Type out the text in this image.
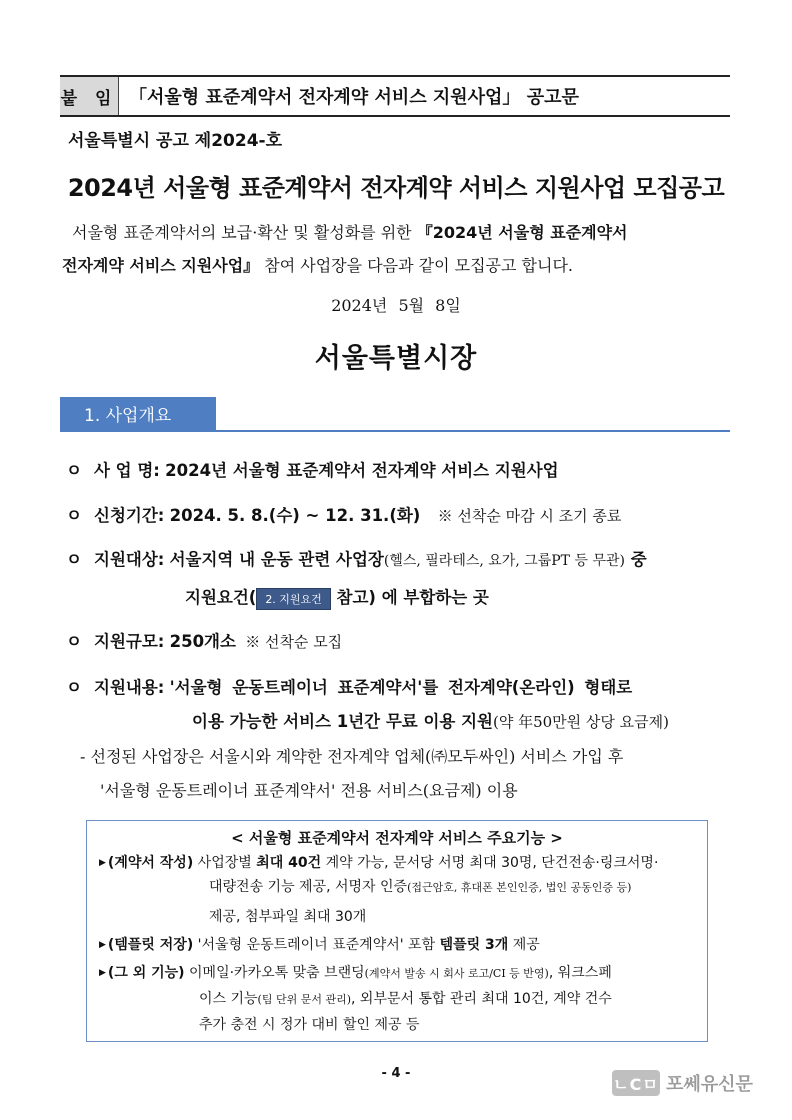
붙 임 「서울형 표준계약서 전자계약 서비스 지원사업」 공고문
서울특별시 공고 제2024-호
2024년 서울형 표준계약서 전자계약 서비스 지원사업 모집공고
서울형 표준계약서의 보급·확산 및 활성화를 위한 『2024년 서울형 표준계약서
전자계약 서비스 지원사업』 참여 사업장을 다음과 같이 모집공고 합니다.
2024년 5월 8일
서울특별시장
1. 사업개요
ㅇ 사 업 명: 2024년 서울형 표준계약서 전자계약 서비스 지원사업
ㅇ 신청기간: 2024. 5. 8.(수) ~ 12. 31.(화) ※ 선착순 마감 시 조기 종료
ㅇ 지원대상: 서울지역 내 운동 관련 사업장(헬스, 필라테스, 요가, 그룹PT 등 무관) 중
지원요건( 2. 지원요건 참고) 에 부합하는 곳
ㅇ 지원규모: 250개소 ※ 선착순 모집
ㅇ 지원내용: '서울형 운동트레이너 표준계약서'를 전자계약(온라인) 형태로
이용 가능한 서비스 1년간 무료 이용 지원(약 年50만원 상당 요금제)
- 선정된 사업장은 서울시와 계약한 전자계약 업체(㈜모두싸인) 서비스 가입 후
'서울형 운동트레이너 표준계약서' 전용 서비스(요금제) 이용
< 서울형 표준계약서 전자계약 서비스 주요기능 >
▶ (계약서 작성) 사업장별 최대 40건 계약 가능, 문서당 서명 최대 30명, 단건전송·링크서명·
대량전송 기능 제공, 서명자 인증(접근암호, 휴대폰 본인인증, 법인 공동인증 등)
제공, 첨부파일 최대 30개
▶ (템플릿 저장) '서울형 운동트레이너 표준계약서' 포함 템플릿 3개 제공
▶ (그 외 기능) 이메일·카카오톡 맞춤 브랜딩(계약서 발송 시 회사 로고/CI 등 반영), 워크스페
이스 기능(팀 단위 문서 관리), 외부문서 통합 관리 최대 10건, 계약 건수
추가 충전 시 정가 대비 할인 제공 등
- 4 -
ㄴCㅁ 포쎄유신문
